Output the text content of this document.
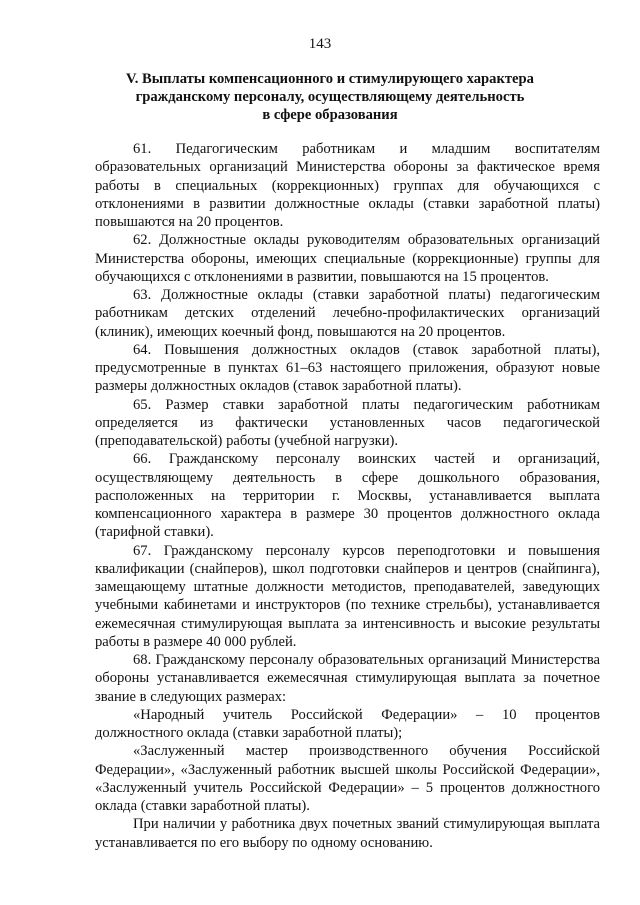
143
V. Выплаты компенсационного и стимулирующего характера
гражданскому персоналу, осуществляющему деятельность
в сфере образования

61. Педагогическим работникам и младшим воспитателям образовательных организаций Министерства обороны за фактическое время работы в специальных (коррекционных) группах для обучающихся с отклонениями в развитии должностные оклады (ставки заработной платы) повышаются на 20 процентов.

62. Должностные оклады руководителям образовательных организаций Министерства обороны, имеющих специальные (коррекционные) группы для обучающихся с отклонениями в развитии, повышаются на 15 процентов.

63. Должностные оклады (ставки заработной платы) педагогическим работникам детских отделений лечебно-профилактических организаций (клиник), имеющих коечный фонд, повышаются на 20 процентов.

64. Повышения должностных окладов (ставок заработной платы), предусмотренные в пунктах 61–63 настоящего приложения, образуют новые размеры должностных окладов (ставок заработной платы).

65. Размер ставки заработной платы педагогическим работникам определяется из фактически установленных часов педагогической (преподавательской) работы (учебной нагрузки).

66. Гражданскому персоналу воинских частей и организаций, осуществляющему деятельность в сфере дошкольного образования, расположенных на территории г. Москвы, устанавливается выплата компенсационного характера в размере 30 процентов должностного оклада (тарифной ставки).

67. Гражданскому персоналу курсов переподготовки и повышения квалификации (снайперов), школ подготовки снайперов и центров (снайпинга), замещающему штатные должности методистов, преподавателей, заведующих учебными кабинетами и инструкторов (по технике стрельбы), устанавливается ежемесячная стимулирующая выплата за интенсивность и высокие результаты работы в размере 40 000 рублей.

68. Гражданскому персоналу образовательных организаций Министерства обороны устанавливается ежемесячная стимулирующая выплата за почетное звание в следующих размерах:

«Народный учитель Российской Федерации» – 10 процентов должностного оклада (ставки заработной платы);

«Заслуженный мастер производственного обучения Российской Федерации», «Заслуженный работник высшей школы Российской Федерации», «Заслуженный учитель Российской Федерации» – 5 процентов должностного оклада (ставки заработной платы).

При наличии у работника двух почетных званий стимулирующая выплата устанавливается по его выбору по одному основанию.
